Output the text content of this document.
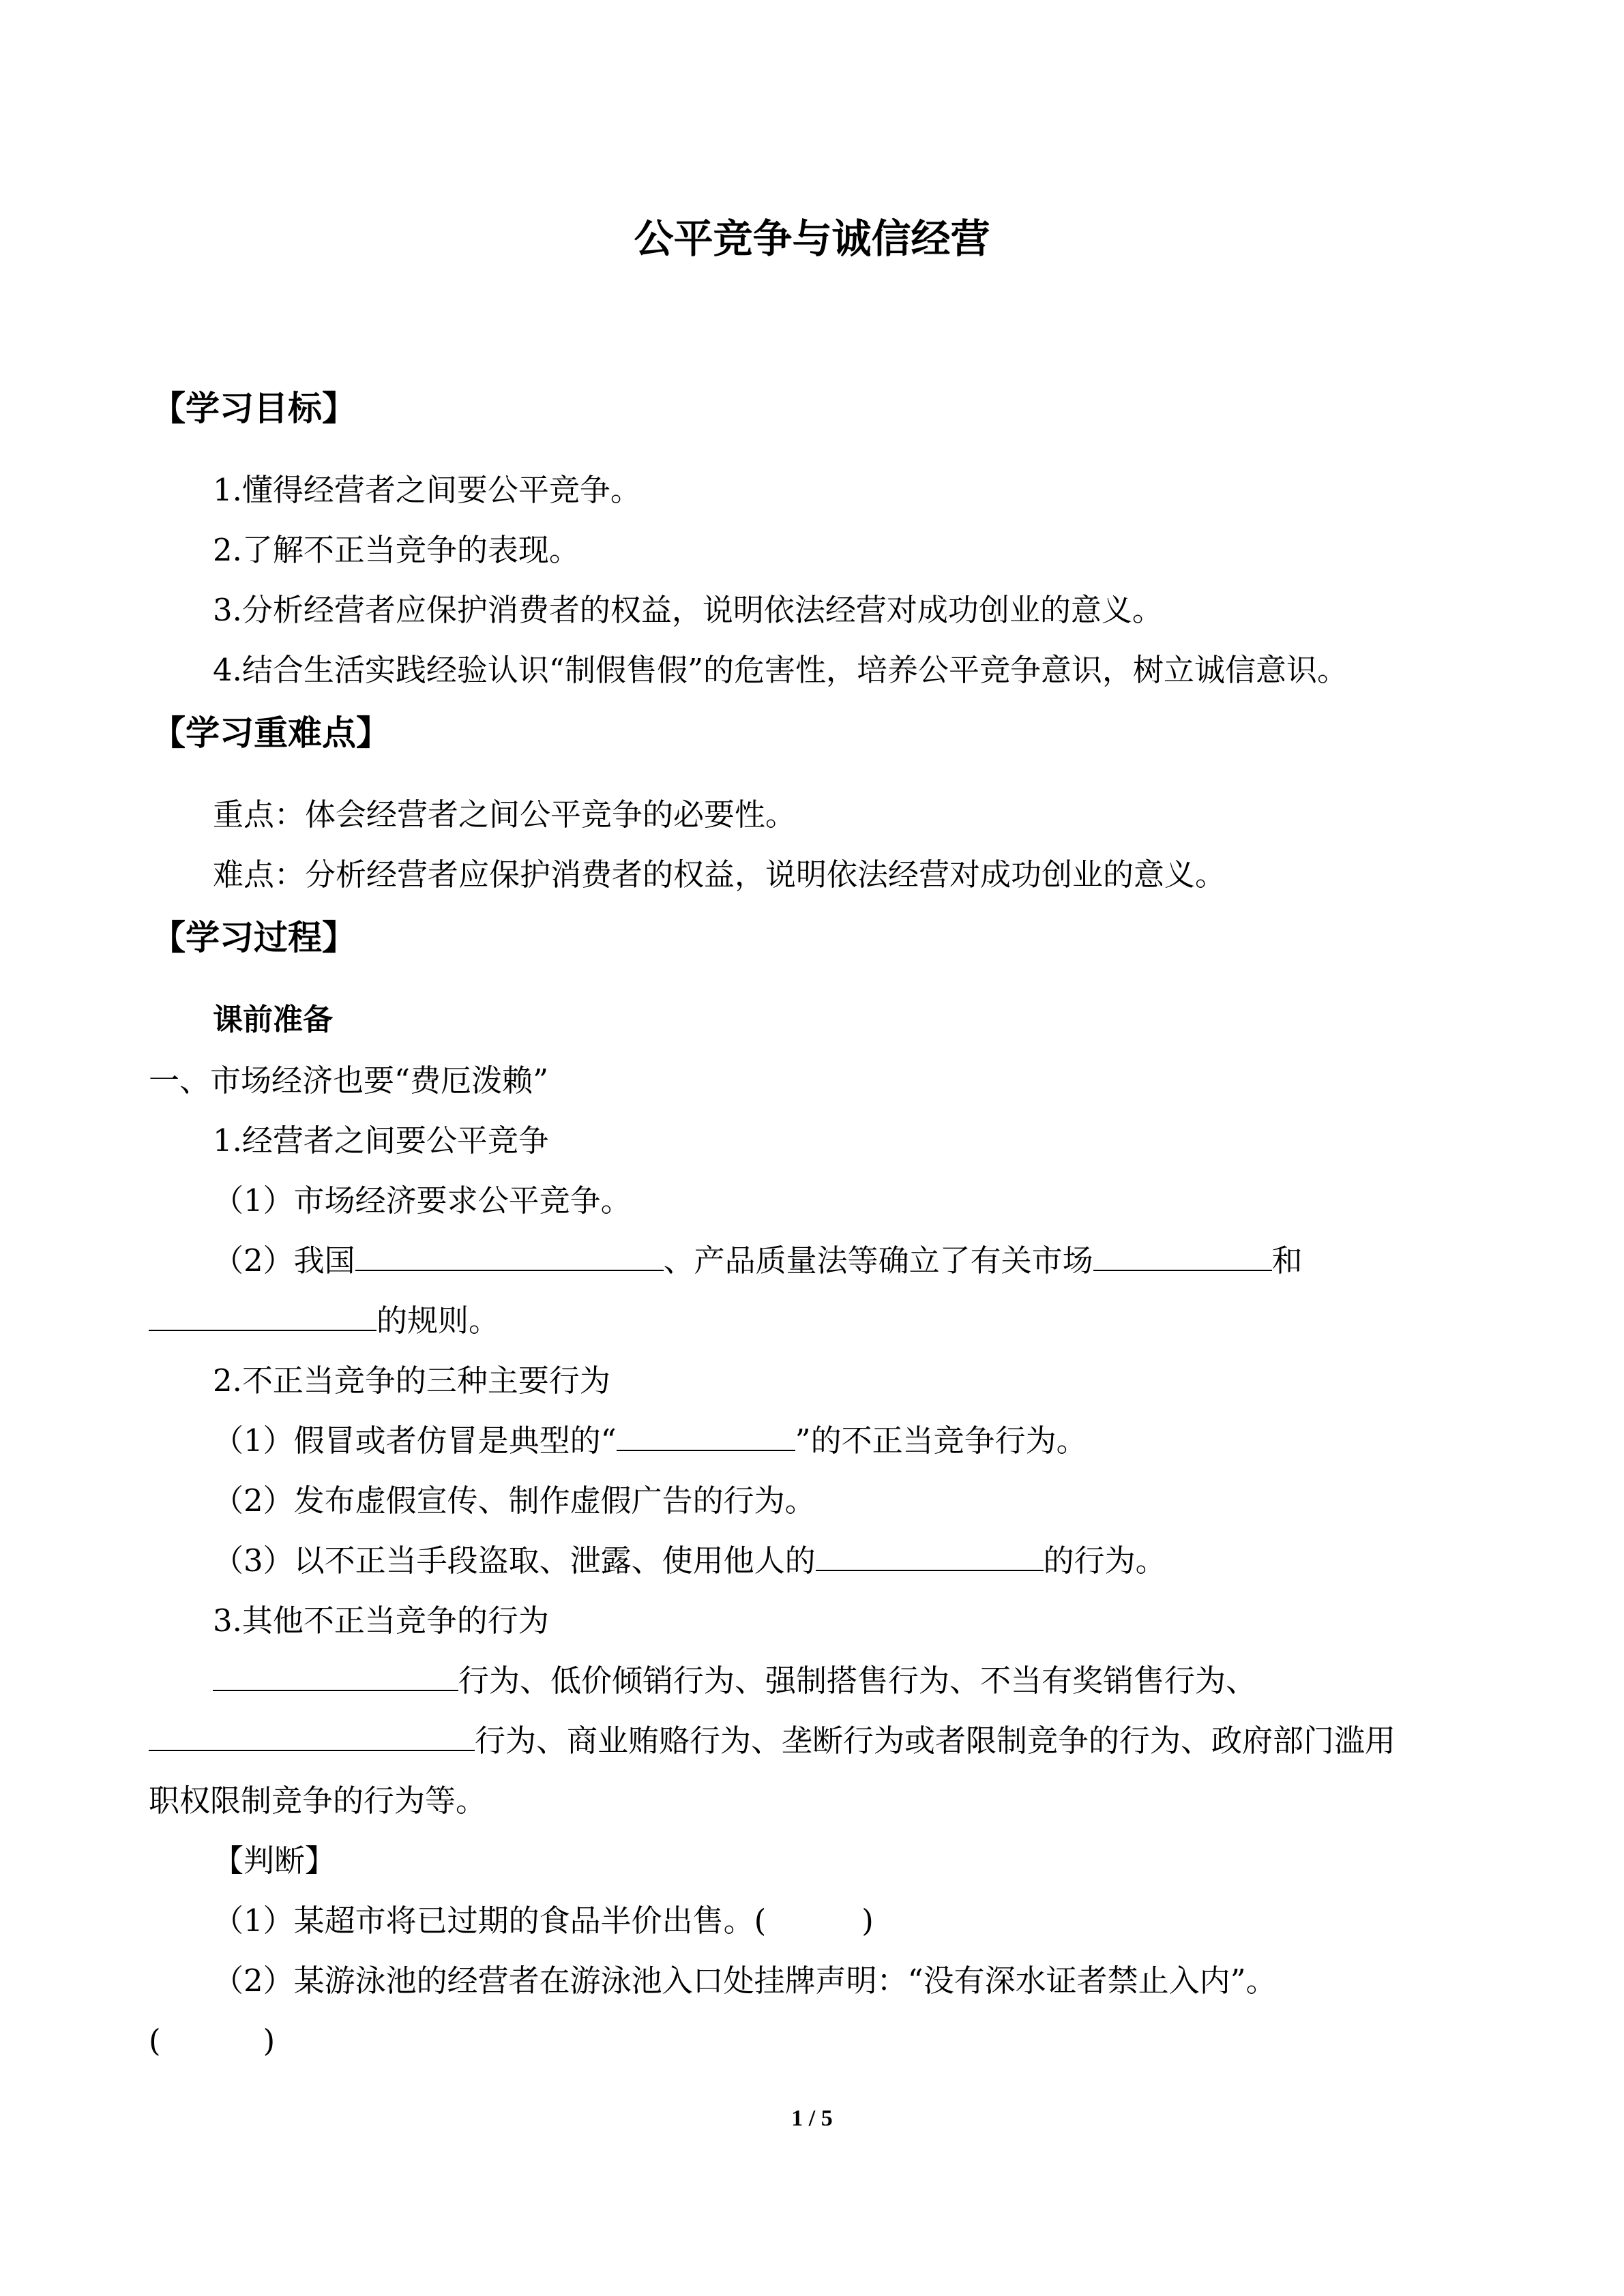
公平竞争与诚信经营
【学习目标】
1.懂得经营者之间要公平竞争。
2.了解不正当竞争的表现。
3.分析经营者应保护消费者的权益，说明依法经营对成功创业的意义。
4.结合生活实践经验认识“制假售假”的危害性，培养公平竞争意识，树立诚信意识。
【学习重难点】
重点：体会经营者之间公平竞争的必要性。
难点：分析经营者应保护消费者的权益，说明依法经营对成功创业的意义。
【学习过程】
课前准备
一、市场经济也要“费厄泼赖”
1.经营者之间要公平竞争
（1）市场经济要求公平竞争。
（2）我国	、产品质量法等确立了有关市场	和
的规则。
2.不正当竞争的三种主要行为
（1）假冒或者仿冒是典型的“	”的不正当竞争行为。
（2）发布虚假宣传、制作虚假广告的行为。
（3）以不正当手段盗取、泄露、使用他人的	的行为。
3.其他不正当竞争的行为
行为、低价倾销行为、强制搭售行为、不当有奖销售行为、
行为、商业贿赂行为、垄断行为或者限制竞争的行为、政府部门滥用
职权限制竞争的行为等。
【判断】
（1）某超市将已过期的食品半价出售。(	)
（2）某游泳池的经营者在游泳池入口处挂牌声明：“没有深水证者禁止入内”。
(	)
1 / 5
